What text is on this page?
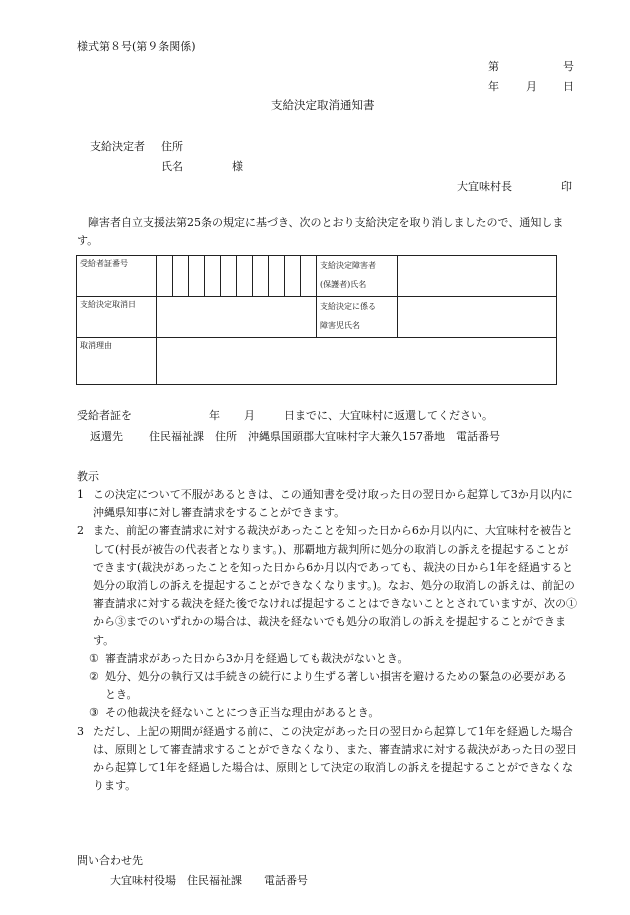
様式第８号(第９条関係)
第	号
年 月 日
支給決定取消通知書
支給決定者 住所
氏名	様
大宜味村長	印
　障害者自立支援法第25条の規定に基づき、次のとおり支給決定を取り消しましたので、通知します。
受給者証番号											支給決定障害者
(保護者)氏名	

支給決定取消日											支給決定に係る
障害児氏名	

取消理由												
受給者証を	年 月	日までに、大宜味村に返還してください。
返還先 住民福祉課　住所　沖縄県国頭郡大宜味村字大兼久157番地　電話番号
教示
1 この決定について不服があるときは、この通知書を受け取った日の翌日から起算して3か月以内に沖縄県知事に対し審査請求をすることができます。
2 また、前記の審査請求に対する裁決があったことを知った日から6か月以内に、大宜味村を被告として(村長が被告の代表者となります。)、那覇地方裁判所に処分の取消しの訴えを提起することができます(裁決があったことを知った日から6か月以内であっても、裁決の日から1年を経過すると処分の取消しの訴えを提起することができなくなります。)。なお、処分の取消しの訴えは、前記の審査請求に対する裁決を経た後でなければ提起することはできないこととされていますが、次の①から③までのいずれかの場合は、裁決を経ないでも処分の取消しの訴えを提起することができます。
① 審査請求があった日から3か月を経過しても裁決がないとき。
② 処分、処分の執行又は手続きの続行により生ずる著しい損害を避けるための緊急の必要があるとき。
③ その他裁決を経ないことにつき正当な理由があるとき。
3 ただし、上記の期間が経過する前に、この決定があった日の翌日から起算して1年を経過した場合は、原則として審査請求することができなくなり、また、審査請求に対する裁決があった日の翌日から起算して1年を経過した場合は、原則として決定の取消しの訴えを提起することができなくなります。
問い合わせ先
大宜味村役場　住民福祉課　　電話番号
